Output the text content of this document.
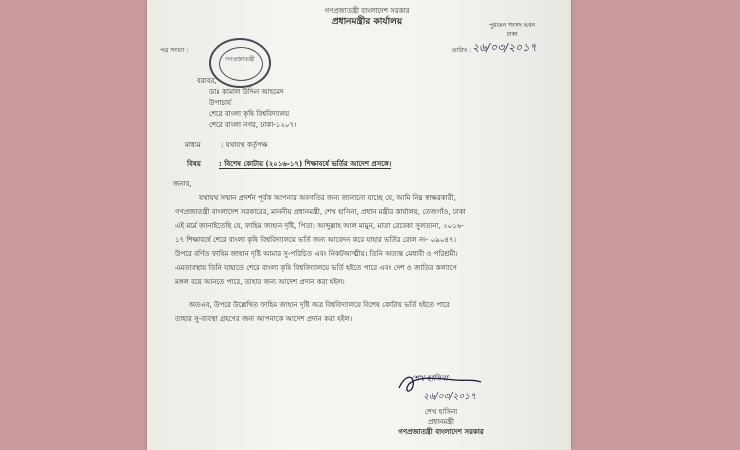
গণপ্রজাতন্ত্রী বাংলাদেশ সরকার
প্রধানমন্ত্রীর কার্যালয়	পুরাতন সংসদ ভবন
ঢাকা
গণপ্রজাতন্ত্রী
পত্র সংখ্যা :	তারিখ : ২৬/০৩/২০১৭
বরাবর,
ডাঃ কামাল উদ্দিন আহমেদ
উপাচার্য
শেরে বাংলা কৃষি বিশ্ববিদ্যালয়
শেরে বাংলা নগর, ঢাকা-১২০৭।
মাধ্যম	: যথাযথ কর্তৃপক্ষ
বিষয়	: বিশেষ কোটায় (২০১৬-১৭) শিক্ষাবর্ষে ভর্তির আদেশ প্রসঙ্গে।
জনাব,
যথাযথ সম্মান প্রদর্শন পূর্বক আপনার অবগতির জন্য জানানো যাচ্ছে যে, আমি নিম্ন স্বাক্ষরকারী,
গণপ্রজাতন্ত্রী বাংলাদেশ সরকারের, মাননীয় প্রধানমন্ত্রী, শেখ হাসিনা, প্রধান মন্ত্রীর কার্যালয়, তেজগাঁও, ঢাকা
এই মর্মে জানাইতেছি যে, ফাহিম জাহান দৃষ্টি, পিতা: আব্দুল্লাহ আল মামুন, মাতা রেবেকা সুলতানা, ২০১৬-
১৭ শিক্ষাবর্ষে শেরে বাংলা কৃষি বিশ্ববিদ্যালয়ে ভর্তি জন্য আবেদন করে যাহার ভর্তির রোল নং- ০৯০৪৭।
উপরে বর্ণিত ফাহিম জাহান দৃষ্টি আমার সু-পরিচিত এবং নিকটআত্মীয়। তিনি অত্যন্ত মেধাবী ও পরিশ্রমী।
এমতাবস্থায় তিনি যাহাতে শেরে বাংলা কৃষি বিশ্ববিদ্যালয়ে ভর্তি হইতে পারে এবং দেশ ও জাতির কল্যাণে
মঙ্গল বয়ে আনতে পারে, তাহার জন্য আদেশ প্রদান করা হইল।
অতএব, উপরে উল্লেখিত ফাহিম জাহান দৃষ্টি অত্র বিশ্ববিদ্যালয়ে বিশেষ কোটায় ভর্তি হইতে পারে
তাহার সু-ব্যবস্থা গ্রহণের জন্য আপনাকে আদেশ প্রদান করা হইল।
শেখ হাসিনা
২৬/০৩/২০১৭
শেখ হাসিনা
প্রধানমন্ত্রী
গণপ্রজাতন্ত্রী বাংলাদেশ সরকার
